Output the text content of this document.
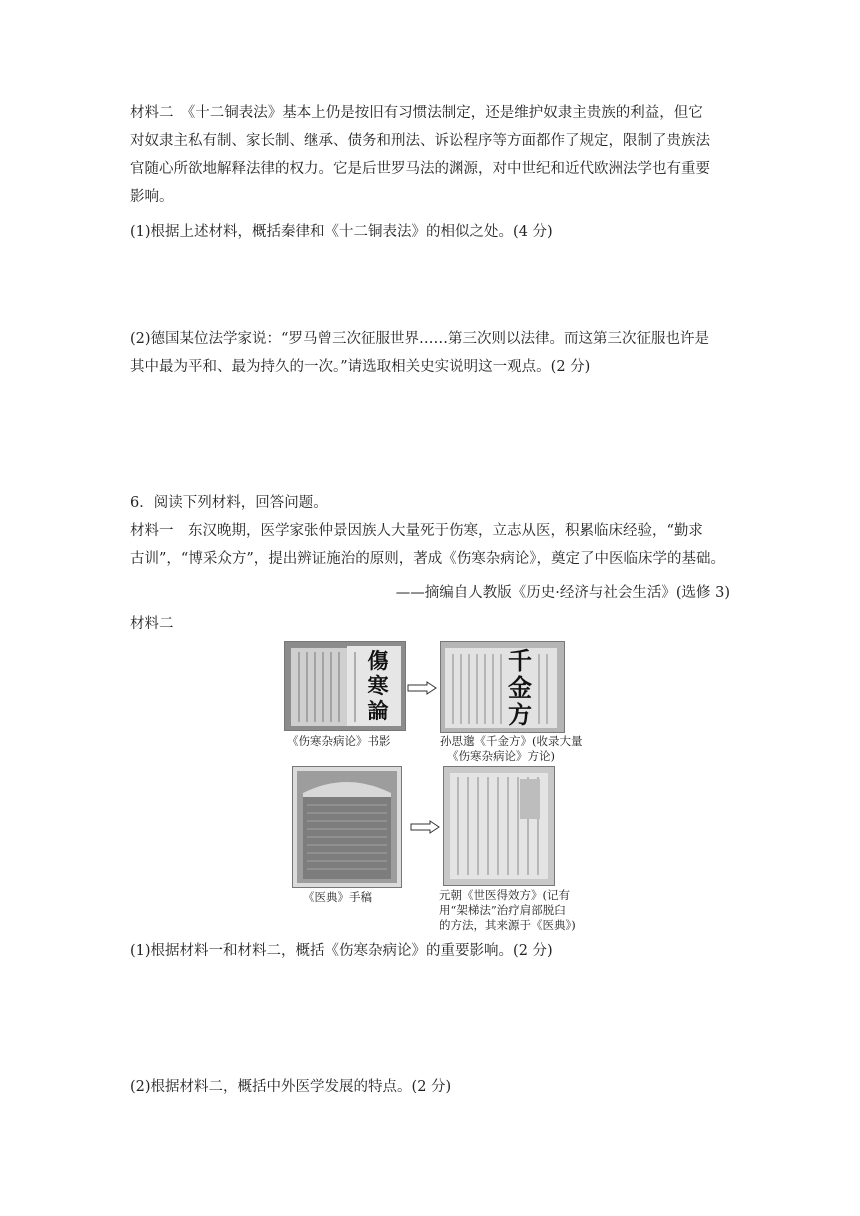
材料二　《十二铜表法》基本上仍是按旧有习惯法制定，还是维护奴隶主贵族的利益，但它
对奴隶主私有制、家长制、继承、债务和刑法、诉讼程序等方面都作了规定，限制了贵族法
官随心所欲地解释法律的权力。它是后世罗马法的渊源，对中世纪和近代欧洲法学也有重要
影响。
(1)根据上述材料，概括秦律和《十二铜表法》的相似之处。(4 分)
(2)德国某位法学家说：“罗马曾三次征服世界……第三次则以法律。而这第三次征服也许是
其中最为平和、最为持久的一次。”请选取相关史实说明这一观点。(2 分)
6．阅读下列材料，回答问题。
材料一　东汉晚期，医学家张仲景因族人大量死于伤寒，立志从医，积累临床经验，“勤求
古训”，“博采众方”，提出辨证施治的原则，著成《伤寒杂病论》，奠定了中医临床学的基础。
——摘编自人教版《历史·经济与社会生活》(选修 3)
材料二
傷寒論
千金方
《伤寒杂病论》书影	孙思邈《千金方》(收录大量
《伤寒杂病论》方论)
《医典》手稿	元朝《世医得效方》(记有
用“架梯法”治疗肩部脱臼
的方法，其来源于《医典》)
(1)根据材料一和材料二，概括《伤寒杂病论》的重要影响。(2 分)
(2)根据材料二，概括中外医学发展的特点。(2 分)
